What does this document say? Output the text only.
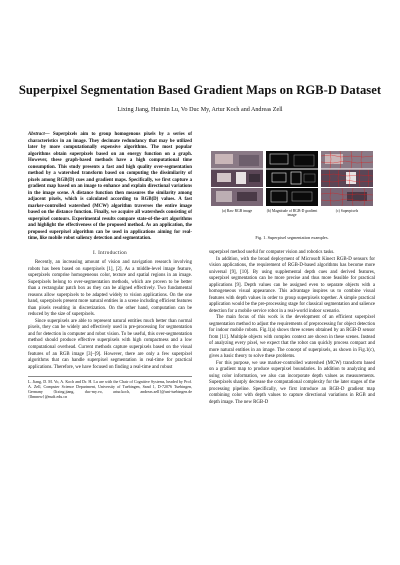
Superpixel Segmentation Based Gradient Maps on RGB-D Dataset
Lixing Jiang, Huimin Lu, Vo Duc My, Artur Koch and Andreas Zell

Abstract— Superpixels aim to group homogenous pixels by a series of characteristics in an image. They decimate redundancy that may be utilized later by more computationally expensive algorithms. The most popular algorithms obtain superpixels based on an energy function on a graph. However, these graph-based methods have a high computational time consumption. This study presents a fast and high quality over-segmentation method by a watershed transform based on computing the dissimilarity of pixels among RGB(D) cues and gradient maps. Specifically, we first capture a gradient map based on an image to enhance and explain directional variations in the image scene. A distance function then measures the similarity among adjacent pixels, which is calculated according to RGB(D) values. A fast marker-controlled watershed (MCW) algorithm traverses the entire image based on the distance function. Finally, we acquire all watersheds consisting of superpixel contours. Experimental results compare state-of-the-art algorithms and highlight the effectiveness of the proposed method. As an application, the proposed superpixel algorithm can be used in applications aiming for real-time, like mobile robot saliency detection and segmentation.

I. Introduction

Recently, an increasing amount of vision and navigation research involving robots has been based on superpixels [1], [2]. As a middle-level image feature, superpixels comprise homogeneous color, texture and spatial regions in an image. Superpixels belong to over-segmentation methods, which are proven to be better than a rectangular patch box as they can be aligned effectively. Two fundamental reasons allow superpixels to be adapted widely to vision applications. On the one hand, superpixels present more natural entities in a scene including efficient features than pixels resulting in discretization. On the other hand, computation can be reduced by the size of superpixels.

Since superpixels are able to represent natural entities much better than normal pixels, they can be widely and effectively used in pre-processing for segmentation and for detection in computer and robot vision. To be useful, this over-segmentation method should produce effective superpixels with high compactness and a low computational overhead. Current methods capture superpixels based on the visual features of an RGB image [3]–[9]. However, there are only a few superpixel algorithms that can handle superpixel segmentation in real-time for practical applications. Therefore, we have focused on finding a real-time and robust

L. Jiang, D. M. Vo, A. Koch and Dr. H. Lu are with the Chair of Cognitive Systems, headed by Prof. A. Zell, Computer Science Department, University of Tuebingen, Sand 1, D-72076 Tuebingen, Germany {lixing.jiang, duc-my.vo, artur.koch, andreas.zell}@uni-tuebingen.de {lhmnew}@nudt.edu.cn
(a) Raw RGB image	(b) Magnitude of RGB-D gradient image
(c) Superpixels
Fig. 1. Superpixel segmentation examples.

superpixel method useful for computer vision and robotics tasks.

In addition, with the broad deployment of Microsoft Kinect RGB-D sensors for vision applications, the requirement of RGB-D-based algorithms has become more universal [9], [10]. By using supplemental depth cues and derived features, superpixel segmentation can be more precise and thus more feasible for practical applications [9]. Depth values can be assigned even to separate objects with a homogeneous visual appearance. This advantage inspires us to combine visual features with depth values in order to group superpixels together. A simple practical application would be the pre-processing stage for classical segmentation and salience detection for a mobile service robot in a real-world indoor scenario.

The main focus of this work is the development of an efficient superpixel segmentation method to adjust the requirements of preprocessing for object detection for indoor mobile robots. Fig.1(a) shows three scenes obtained by an RGB-D sensor from [11]. Multiple objects with complex context are shown in these scenes. Instead of analyzing every pixel, we expect that the robot can quickly process compact and more natural entities in an image. The concept of superpixels, as shown in Fig.1(c), gives a basic theory to solve these problems.

For this purpose, we use marker-controlled watershed (MCW) transform based on a gradient map to produce superpixel boundaries. In addition to analyzing and using color information, we also can incorporate depth values as measurements. Superpixels sharply decrease the computational complexity for the later stages of the processing pipeline. Specifically, we first introduce an RGB-D gradient map combining color with depth values to capture directional variations in RGB and depth image. The new RGB-D
